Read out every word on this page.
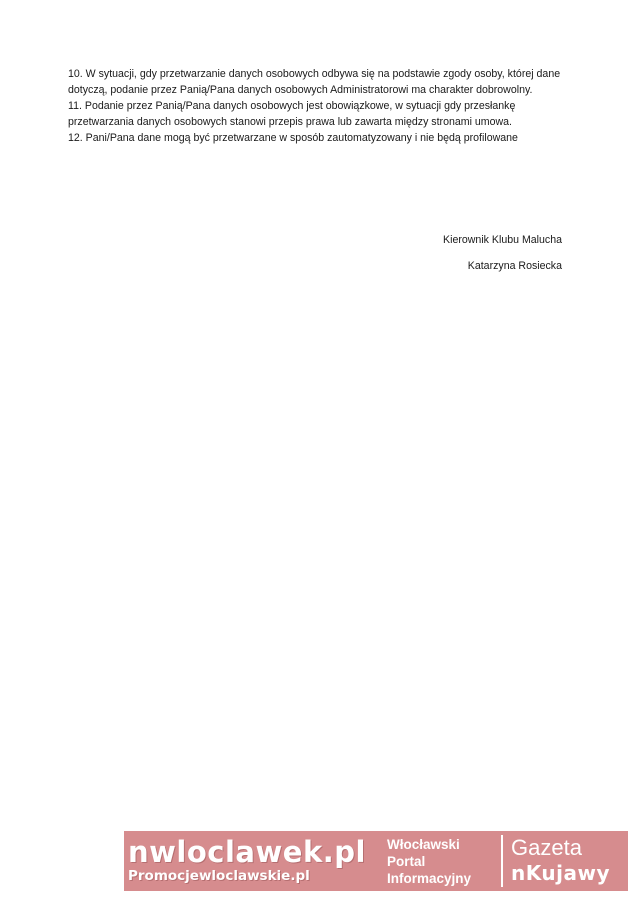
10. W sytuacji, gdy przetwarzanie danych osobowych odbywa się na podstawie zgody osoby, której dane dotyczą, podanie przez Panią/Pana danych osobowych Administratorowi ma charakter dobrowolny.

11. Podanie przez Panią/Pana danych osobowych jest obowiązkowe, w sytuacji gdy przesłankę przetwarzania danych osobowych stanowi przepis prawa lub zawarta między stronami umowa.

12. Pani/Pana dane mogą być przetwarzane w sposób zautomatyzowany i nie będą profilowane

Kierownik Klubu Malucha
Katarzyna Rosiecka
nwloclawek.pl
Promocjewloclawskie.pl
Włocławski
Portal
Informacyjny
Gazeta
nKujawy
